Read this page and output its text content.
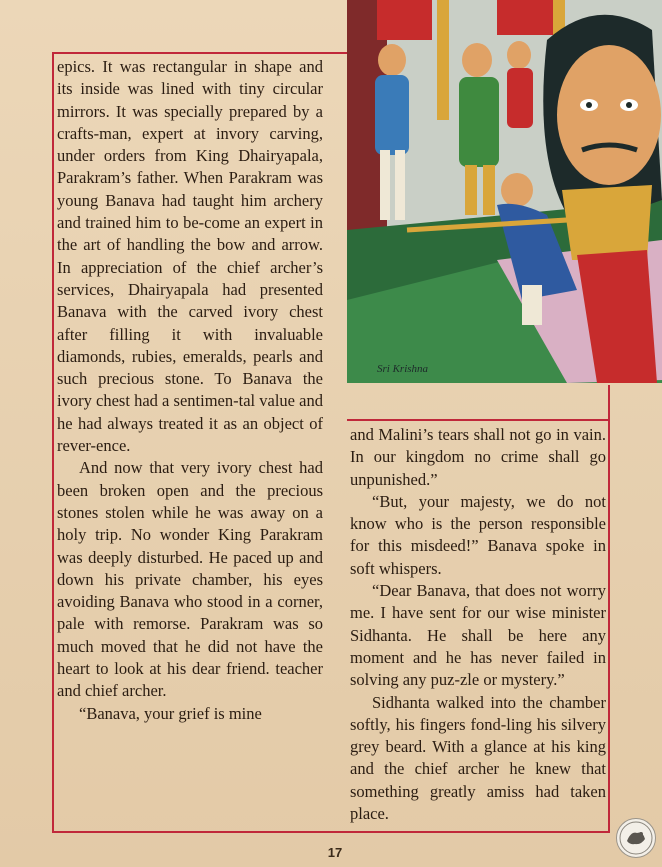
epics. It was rectangular in shape and its inside was lined with tiny circular mirrors. It was specially prepared by a crafts-man, expert at invory carving, under orders from King Dhairyapala, Parakram’s father. When Parakram was young Banava had taught him archery and trained him to be-come an expert in the art of handling the bow and arrow. In appreciation of the chief archer’s services, Dhairyapala had presented Banava with the carved ivory chest after filling it with invaluable diamonds, rubies, emeralds, pearls and such precious stone. To Banava the ivory chest had a sentimen-tal value and he had always treated it as an object of rever-ence.

And now that very ivory chest had been broken open and the precious stones stolen while he was away on a holy trip. No wonder King Parakram was deeply disturbed. He paced up and down his private chamber, his eyes avoiding Banava who stood in a corner, pale with remorse. Parakram was so much moved that he did not have the heart to look at his dear friend. teacher and chief archer.

“Banava, your grief is mine

Sri Krishna

and Malini’s tears shall not go in vain. In our kingdom no crime shall go unpunished.”

“But, your majesty, we do not know who is the person responsible for this misdeed!” Banava spoke in soft whispers.

“Dear Banava, that does not worry me. I have sent for our wise minister Sidhanta. He shall be here any moment and he has never failed in solving any puz-zle or mystery.”

Sidhanta walked into the chamber softly, his fingers fond-ling his silvery grey beard. With a glance at his king and the chief archer he knew that something greatly amiss had taken place.

17
